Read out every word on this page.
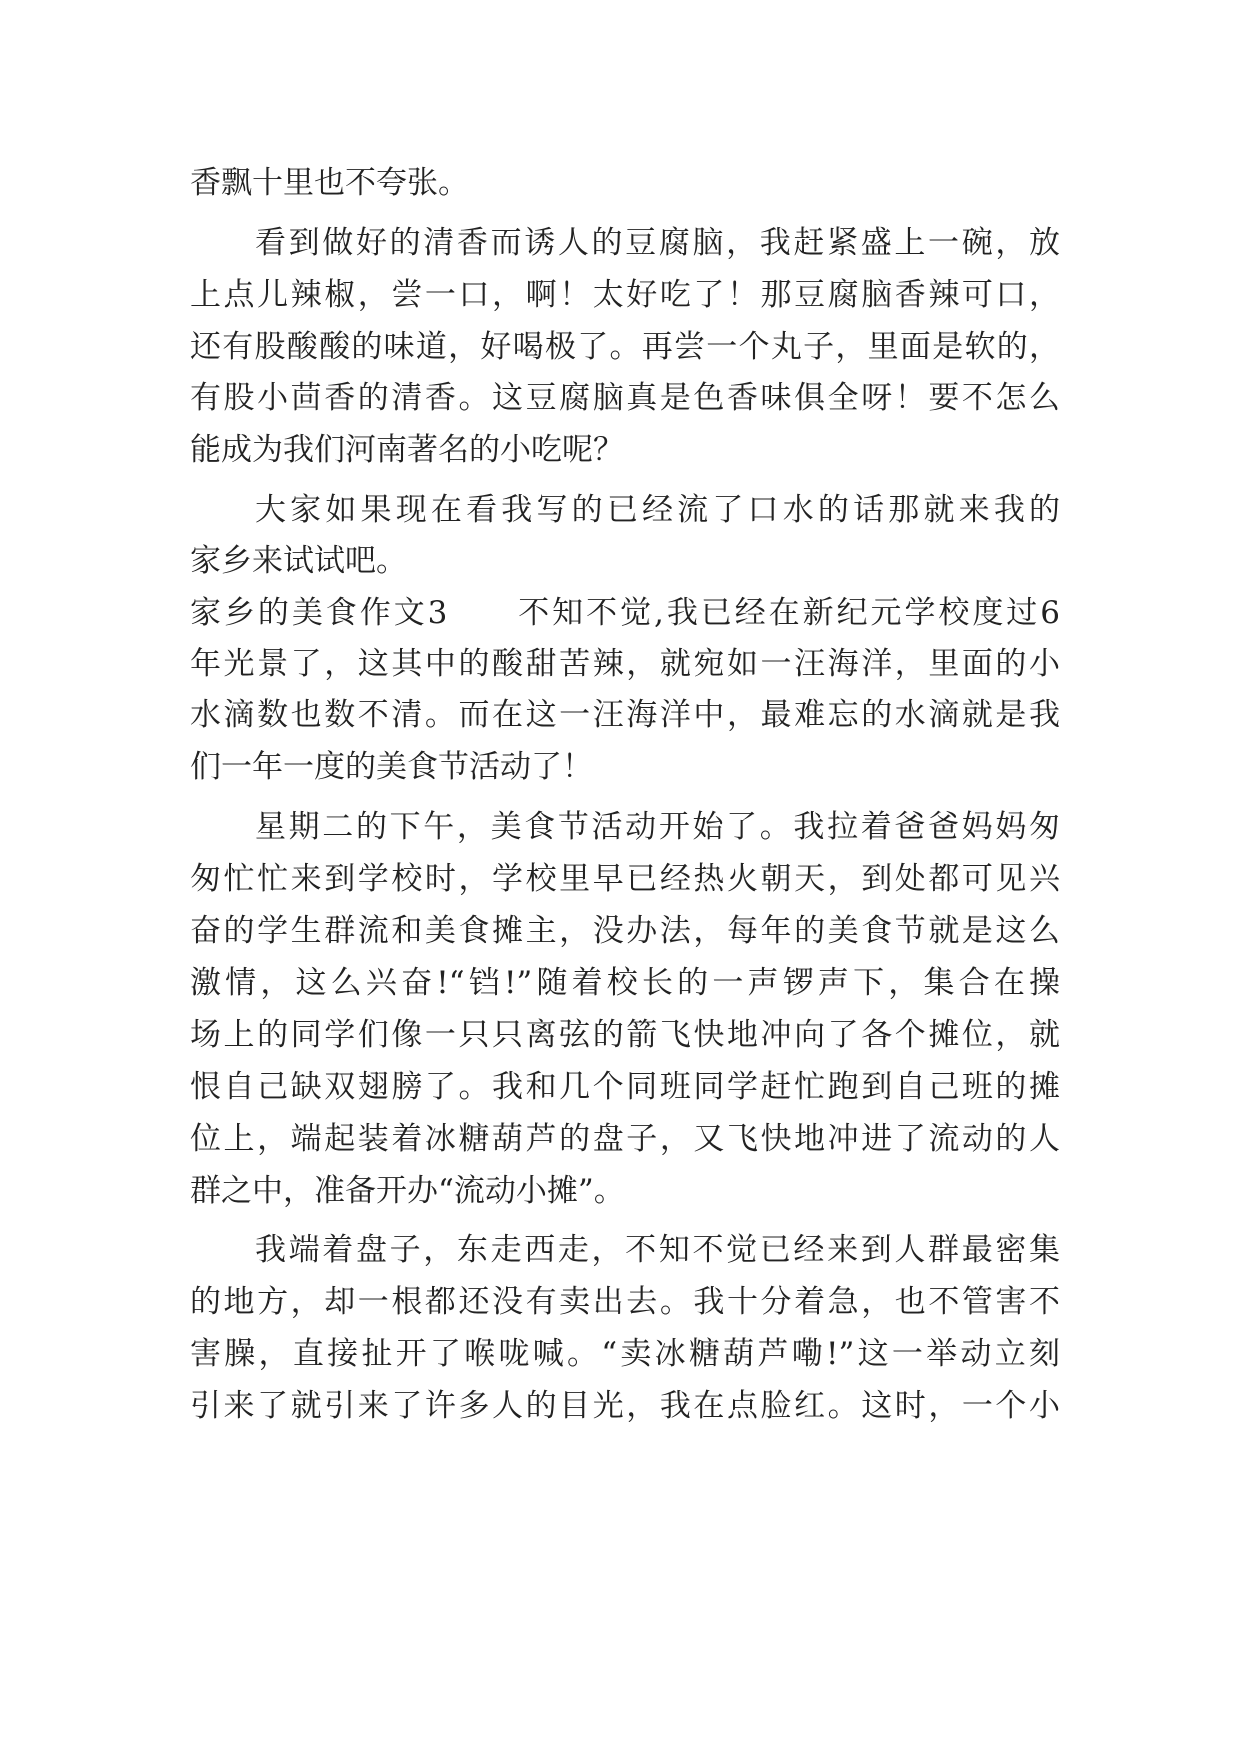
香飘十里也不夸张。
看到做好的清香而诱人的豆腐脑，我赶紧盛上一碗，放
上点儿辣椒，尝一口，啊！太好吃了！那豆腐脑香辣可口，
还有股酸酸的味道，好喝极了。再尝一个丸子，里面是软的，
有股小茴香的清香。这豆腐脑真是色香味俱全呀！要不怎么
能成为我们河南著名的小吃呢？
大家如果现在看我写的已经流了口水的话那就来我的
家乡来试试吧。
家乡的美食作文3　　不知不觉,我已经在新纪元学校度过6
年光景了，这其中的酸甜苦辣，就宛如一汪海洋，里面的小
水滴数也数不清。而在这一汪海洋中，最难忘的水滴就是我
们一年一度的美食节活动了！
星期二的下午，美食节活动开始了。我拉着爸爸妈妈匆
匆忙忙来到学校时，学校里早已经热火朝天，到处都可见兴
奋的学生群流和美食摊主，没办法，每年的美食节就是这么
激情，这么兴奋!“铛!”随着校长的一声锣声下，集合在操
场上的同学们像一只只离弦的箭飞快地冲向了各个摊位，就
恨自己缺双翅膀了。我和几个同班同学赶忙跑到自己班的摊
位上，端起装着冰糖葫芦的盘子，又飞快地冲进了流动的人
群之中，准备开办“流动小摊”。
我端着盘子，东走西走，不知不觉已经来到人群最密集
的地方，却一根都还没有卖出去。我十分着急，也不管害不
害臊，直接扯开了喉咙喊。“卖冰糖葫芦嘞!”这一举动立刻
引来了就引来了许多人的目光，我在点脸红。这时，一个小
